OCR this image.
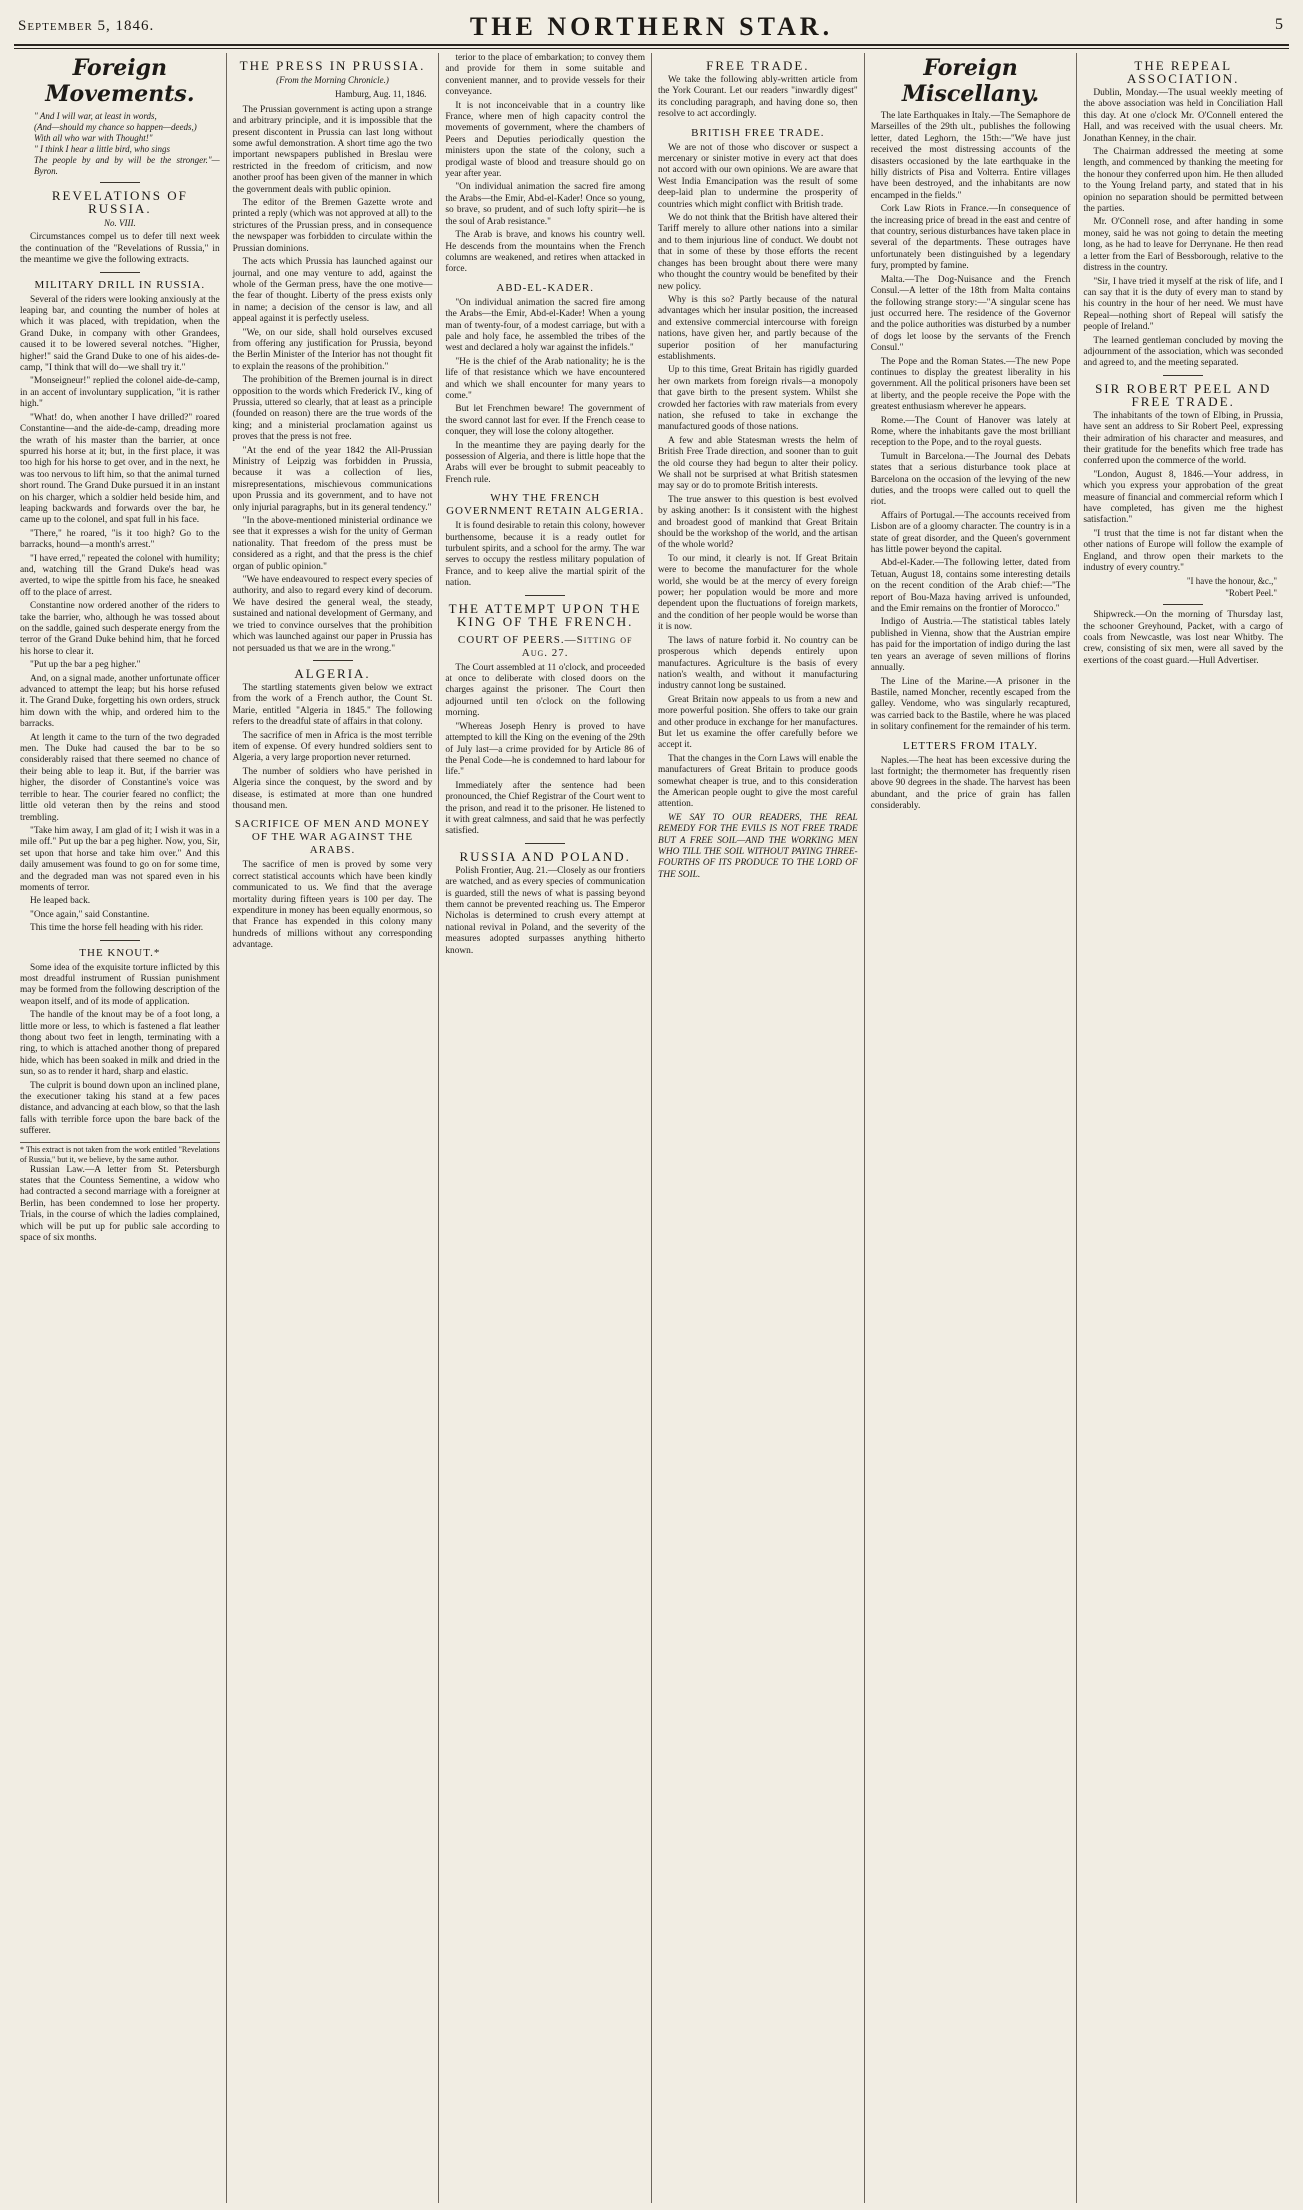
September 5, 1846.	THE NORTHERN STAR.	5
Foreign Movements.
" And I will war, at least in words,
(And—should my chance so happen—deeds,)
With all who war with Thought!"
" I think I hear a little bird, who sings
The people by and by will be the stronger."—Byron.
REVELATIONS OF RUSSIA.
No. VIII.

Circumstances compel us to defer till next week the continuation of the "Revelations of Russia," in the meantime we give the following extracts.

MILITARY DRILL IN RUSSIA.

Several of the riders were looking anxiously at the leaping bar, and counting the number of holes at which it was placed, with trepidation, when the Grand Duke, in company with other Grandees, caused it to be lowered several notches. "Higher, higher!" said the Grand Duke to one of his aides-de-camp, "I think that will do—we shall try it."

"Monseigneur!" replied the colonel aide-de-camp, in an accent of involuntary supplication, "it is rather high."

"What! do, when another I have drilled?" roared Constantine—and the aide-de-camp, dreading more the wrath of his master than the barrier, at once spurred his horse at it; but, in the first place, it was too high for his horse to get over, and in the next, he was too nervous to lift him, so that the animal turned short round. The Grand Duke pursued it in an instant on his charger, which a soldier held beside him, and leaping backwards and forwards over the bar, he came up to the colonel, and spat full in his face.

"There," he roared, "is it too high? Go to the barracks, hound—a month's arrest."

"I have erred," repeated the colonel with humility; and, watching till the Grand Duke's head was averted, to wipe the spittle from his face, he sneaked off to the place of arrest.

Constantine now ordered another of the riders to take the barrier, who, although he was tossed about on the saddle, gained such desperate energy from the terror of the Grand Duke behind him, that he forced his horse to clear it.

"Put up the bar a peg higher."

And, on a signal made, another unfortunate officer advanced to attempt the leap; but his horse refused it. The Grand Duke, forgetting his own orders, struck him down with the whip, and ordered him to the barracks.

At length it came to the turn of the two degraded men. The Duke had caused the bar to be so considerably raised that there seemed no chance of their being able to leap it. But, if the barrier was higher, the disorder of Constantine's voice was terrible to hear. The courier feared no conflict; the little old veteran then by the reins and stood trembling.

"Take him away, I am glad of it; I wish it was in a mile off." Put up the bar a peg higher. Now, you, Sir, set upon that horse and take him over." And this daily amusement was found to go on for some time, and the degraded man was not spared even in his moments of terror.

He leaped back.

"Once again," said Constantine.

This time the horse fell heading with his rider.

THE KNOUT.*

Some idea of the exquisite torture inflicted by this most dreadful instrument of Russian punishment may be formed from the following description of the weapon itself, and of its mode of application.

The handle of the knout may be of a foot long, a little more or less, to which is fastened a flat leather thong about two feet in length, terminating with a ring, to which is attached another thong of prepared hide, which has been soaked in milk and dried in the sun, so as to render it hard, sharp and elastic.

The culprit is bound down upon an inclined plane, the executioner taking his stand at a few paces distance, and advancing at each blow, so that the lash falls with terrible force upon the bare back of the sufferer.

* This extract is not taken from the work entitled "Revelations of Russia," but it, we believe, by the same author.

Russian Law.—A letter from St. Petersburgh states that the Countess Sementine, a widow who had contracted a second marriage with a foreigner at Berlin, has been condemned to lose her property. Trials, in the course of which the ladies complained, which will be put up for public sale according to space of six months.

THE PRESS IN PRUSSIA.
(From the Morning Chronicle.)
Hamburg, Aug. 11, 1846.

The Prussian government is acting upon a strange and arbitrary principle, and it is impossible that the present discontent in Prussia can last long without some awful demonstration. A short time ago the two important newspapers published in Breslau were restricted in the freedom of criticism, and now another proof has been given of the manner in which the government deals with public opinion.

The editor of the Bremen Gazette wrote and printed a reply (which was not approved at all) to the strictures of the Prussian press, and in consequence the newspaper was forbidden to circulate within the Prussian dominions.

The acts which Prussia has launched against our journal, and one may venture to add, against the whole of the German press, have the one motive—the fear of thought. Liberty of the press exists only in name; a decision of the censor is law, and all appeal against it is perfectly useless.

"We, on our side, shall hold ourselves excused from offering any justification for Prussia, beyond the Berlin Minister of the Interior has not thought fit to explain the reasons of the prohibition."

The prohibition of the Bremen journal is in direct opposition to the words which Frederick IV., king of Prussia, uttered so clearly, that at least as a principle (founded on reason) there are the true words of the king; and a ministerial proclamation against us proves that the press is not free.

"At the end of the year 1842 the All-Prussian Ministry of Leipzig was forbidden in Prussia, because it was a collection of lies, misrepresentations, mischievous communications upon Prussia and its government, and to have not only injurial paragraphs, but in its general tendency."

"In the above-mentioned ministerial ordinance we see that it expresses a wish for the unity of German nationality. That freedom of the press must be considered as a right, and that the press is the chief organ of public opinion."

"We have endeavoured to respect every species of authority, and also to regard every kind of decorum. We have desired the general weal, the steady, sustained and national development of Germany, and we tried to convince ourselves that the prohibition which was launched against our paper in Prussia has not persuaded us that we are in the wrong."

ALGERIA.

The startling statements given below we extract from the work of a French author, the Count St. Marie, entitled "Algeria in 1845." The following refers to the dreadful state of affairs in that colony.

The sacrifice of men in Africa is the most terrible item of expense. Of every hundred soldiers sent to Algeria, a very large proportion never returned.

The number of soldiers who have perished in Algeria since the conquest, by the sword and by disease, is estimated at more than one hundred thousand men.

SACRIFICE OF MEN AND MONEY OF THE WAR AGAINST THE ARABS.

The sacrifice of men is proved by some very correct statistical accounts which have been kindly communicated to us. We find that the average mortality during fifteen years is 100 per day. The expenditure in money has been equally enormous, so that France has expended in this colony many hundreds of millions without any corresponding advantage.

terior to the place of embarkation; to convey them and provide for them in some suitable and convenient manner, and to provide vessels for their conveyance.

It is not inconceivable that in a country like France, where men of high capacity control the movements of government, where the chambers of Peers and Deputies periodically question the ministers upon the state of the colony, such a prodigal waste of blood and treasure should go on year after year.

"On individual animation the sacred fire among the Arabs—the Emir, Abd-el-Kader! Once so young, so brave, so prudent, and of such lofty spirit—he is the soul of Arab resistance."

The Arab is brave, and knows his country well. He descends from the mountains when the French columns are weakened, and retires when attacked in force.

ABD-EL-KADER.

"On individual animation the sacred fire among the Arabs—the Emir, Abd-el-Kader! When a young man of twenty-four, of a modest carriage, but with a pale and holy face, he assembled the tribes of the west and declared a holy war against the infidels."

"He is the chief of the Arab nationality; he is the life of that resistance which we have encountered and which we shall encounter for many years to come."

But let Frenchmen beware! The government of the sword cannot last for ever. If the French cease to conquer, they will lose the colony altogether.

In the meantime they are paying dearly for the possession of Algeria, and there is little hope that the Arabs will ever be brought to submit peaceably to French rule.

WHY THE FRENCH GOVERNMENT RETAIN ALGERIA.

It is found desirable to retain this colony, however burthensome, because it is a ready outlet for turbulent spirits, and a school for the army. The war serves to occupy the restless military population of France, and to keep alive the martial spirit of the nation.

THE ATTEMPT UPON THE KING OF THE FRENCH.
COURT OF PEERS.—Sitting of Aug. 27.

The Court assembled at 11 o'clock, and proceeded at once to deliberate with closed doors on the charges against the prisoner. The Court then adjourned until ten o'clock on the following morning.

"Whereas Joseph Henry is proved to have attempted to kill the King on the evening of the 29th of July last—a crime provided for by Article 86 of the Penal Code—he is condemned to hard labour for life."

Immediately after the sentence had been pronounced, the Chief Registrar of the Court went to the prison, and read it to the prisoner. He listened to it with great calmness, and said that he was perfectly satisfied.

RUSSIA AND POLAND.

Polish Frontier, Aug. 21.—Closely as our frontiers are watched, and as every species of communication is guarded, still the news of what is passing beyond them cannot be prevented reaching us. The Emperor Nicholas is determined to crush every attempt at national revival in Poland, and the severity of the measures adopted surpasses anything hitherto known.

FREE TRADE.

We take the following ably-written article from the York Courant. Let our readers "inwardly digest" its concluding paragraph, and having done so, then resolve to act accordingly.

BRITISH FREE TRADE.

We are not of those who discover or suspect a mercenary or sinister motive in every act that does not accord with our own opinions. We are aware that West India Emancipation was the result of some deep-laid plan to undermine the prosperity of countries which might conflict with British trade.

We do not think that the British have altered their Tariff merely to allure other nations into a similar and to them injurious line of conduct. We doubt not that in some of these by those efforts the recent changes has been brought about there were many who thought the country would be benefited by their new policy.

Why is this so? Partly because of the natural advantages which her insular position, the increased and extensive commercial intercourse with foreign nations, have given her, and partly because of the superior position of her manufacturing establishments.

Up to this time, Great Britain has rigidly guarded her own markets from foreign rivals—a monopoly that gave birth to the present system. Whilst she crowded her factories with raw materials from every nation, she refused to take in exchange the manufactured goods of those nations.

A few and able Statesman wrests the helm of British Free Trade direction, and sooner than to guit the old course they had begun to alter their policy. We shall not be surprised at what British statesmen may say or do to promote British interests.

The true answer to this question is best evolved by asking another: Is it consistent with the highest and broadest good of mankind that Great Britain should be the workshop of the world, and the artisan of the whole world?

To our mind, it clearly is not. If Great Britain were to become the manufacturer for the whole world, she would be at the mercy of every foreign power; her population would be more and more dependent upon the fluctuations of foreign markets, and the condition of her people would be worse than it is now.

The laws of nature forbid it. No country can be prosperous which depends entirely upon manufactures. Agriculture is the basis of every nation's wealth, and without it manufacturing industry cannot long be sustained.

Great Britain now appeals to us from a new and more powerful position. She offers to take our grain and other produce in exchange for her manufactures. But let us examine the offer carefully before we accept it.

That the changes in the Corn Laws will enable the manufacturers of Great Britain to produce goods somewhat cheaper is true, and to this consideration the American people ought to give the most careful attention.

WE SAY TO OUR READERS, THE REAL REMEDY FOR THE EVILS IS NOT FREE TRADE BUT A FREE SOIL—AND THE WORKING MEN WHO TILL THE SOIL WITHOUT PAYING THREE-FOURTHS OF ITS PRODUCE TO THE LORD OF THE SOIL.

Foreign Miscellany.

The late Earthquakes in Italy.—The Semaphore de Marseilles of the 29th ult., publishes the following letter, dated Leghorn, the 15th:—"We have just received the most distressing accounts of the disasters occasioned by the late earthquake in the hilly districts of Pisa and Volterra. Entire villages have been destroyed, and the inhabitants are now encamped in the fields."

Cork Law Riots in France.—In consequence of the increasing price of bread in the east and centre of that country, serious disturbances have taken place in several of the departments. These outrages have unfortunately been distinguished by a legendary fury, prompted by famine.

Malta.—The Dog-Nuisance and the French Consul.—A letter of the 18th from Malta contains the following strange story:—"A singular scene has just occurred here. The residence of the Governor and the police authorities was disturbed by a number of dogs let loose by the servants of the French Consul."

The Pope and the Roman States.—The new Pope continues to display the greatest liberality in his government. All the political prisoners have been set at liberty, and the people receive the Pope with the greatest enthusiasm wherever he appears.

Rome.—The Count of Hanover was lately at Rome, where the inhabitants gave the most brilliant reception to the Pope, and to the royal guests.

Tumult in Barcelona.—The Journal des Debats states that a serious disturbance took place at Barcelona on the occasion of the levying of the new duties, and the troops were called out to quell the riot.

Affairs of Portugal.—The accounts received from Lisbon are of a gloomy character. The country is in a state of great disorder, and the Queen's government has little power beyond the capital.

Abd-el-Kader.—The following letter, dated from Tetuan, August 18, contains some interesting details on the recent condition of the Arab chief:—"The report of Bou-Maza having arrived is unfounded, and the Emir remains on the frontier of Morocco."

Indigo of Austria.—The statistical tables lately published in Vienna, show that the Austrian empire has paid for the importation of indigo during the last ten years an average of seven millions of florins annually.

The Line of the Marine.—A prisoner in the Bastile, named Moncher, recently escaped from the galley. Vendome, who was singularly recaptured, was carried back to the Bastile, where he was placed in solitary confinement for the remainder of his term.

LETTERS FROM ITALY.

Naples.—The heat has been excessive during the last fortnight; the thermometer has frequently risen above 90 degrees in the shade. The harvest has been abundant, and the price of grain has fallen considerably.

THE REPEAL ASSOCIATION.

Dublin, Monday.—The usual weekly meeting of the above association was held in Conciliation Hall this day. At one o'clock Mr. O'Connell entered the Hall, and was received with the usual cheers. Mr. Jonathan Kenney, in the chair.

The Chairman addressed the meeting at some length, and commenced by thanking the meeting for the honour they conferred upon him. He then alluded to the Young Ireland party, and stated that in his opinion no separation should be permitted between the parties.

Mr. O'Connell rose, and after handing in some money, said he was not going to detain the meeting long, as he had to leave for Derrynane. He then read a letter from the Earl of Bessborough, relative to the distress in the country.

"Sir, I have tried it myself at the risk of life, and I can say that it is the duty of every man to stand by his country in the hour of her need. We must have Repeal—nothing short of Repeal will satisfy the people of Ireland."

The learned gentleman concluded by moving the adjournment of the association, which was seconded and agreed to, and the meeting separated.

SIR ROBERT PEEL AND FREE TRADE.

The inhabitants of the town of Elbing, in Prussia, have sent an address to Sir Robert Peel, expressing their admiration of his character and measures, and their gratitude for the benefits which free trade has conferred upon the commerce of the world.

"London, August 8, 1846.—Your address, in which you express your approbation of the great measure of financial and commercial reform which I have completed, has given me the highest satisfaction."

"I trust that the time is not far distant when the other nations of Europe will follow the example of England, and throw open their markets to the industry of every country."

"I have the honour, &c.,"
"Robert Peel."

Shipwreck.—On the morning of Thursday last, the schooner Greyhound, Packet, with a cargo of coals from Newcastle, was lost near Whitby. The crew, consisting of six men, were all saved by the exertions of the coast guard.—Hull Advertiser.
